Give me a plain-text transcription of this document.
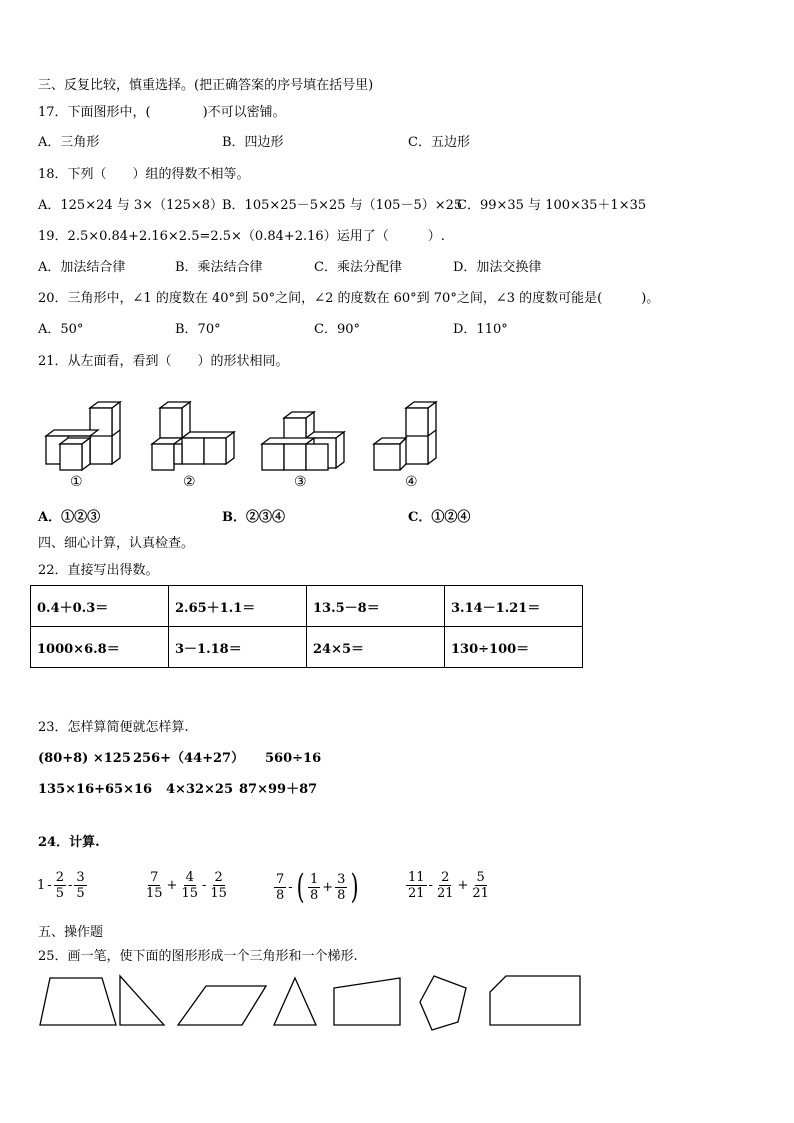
三、反复比较，慎重选择。(把正确答案的序号填在括号里)
17．下面图形中，(　　　　)不可以密铺。
A．三角形	B．四边形	C．五边形
18．下列（　　）组的得数不相等。
A．125×24 与 3×（125×8）
B．105×25－5×25 与（105－5）×25
C．99×35 与 100×35＋1×35
19．2.5×0.84+2.16×2.5=2.5×（0.84+2.16）运用了（　　　）.
A．加法结合律	B．乘法结合律	C．乘法分配律	D．加法交换律
20．三角形中，∠1 的度数在 40°到 50°之间，∠2 的度数在 60°到 70°之间，∠3 的度数可能是(　　　)。
A．50°	B．70°	C．90°	D．110°
21．从左面看，看到（　　）的形状相同。
①	②	③	④
A．①②③	B．②③④	C．①②④
四、细心计算，认真检查。
22．直接写出得数。
0.4＋0.3＝	2.65＋1.1＝	13.5－8＝	3.14－1.21＝
1000×6.8＝	3－1.18＝	24×5＝	130÷100＝
23．怎样算简便就怎样算.
(80+8) ×125 256+（44+27） 560÷16
135×16+65×16 4×32×25 87×99＋87
24．计算.
$1 - \frac{2}{5} - \frac{3}{5}$	$\frac{7}{15} + \frac{4}{15} - \frac{2}{15}$	$\frac{7}{8}$ - ( $\frac{1}{8} + \frac{3}{8}$ )	$\frac{11}{21} - \frac{2}{21} + \frac{5}{21}$
五、操作题
25．画一笔，使下面的图形形成一个三角形和一个梯形.
